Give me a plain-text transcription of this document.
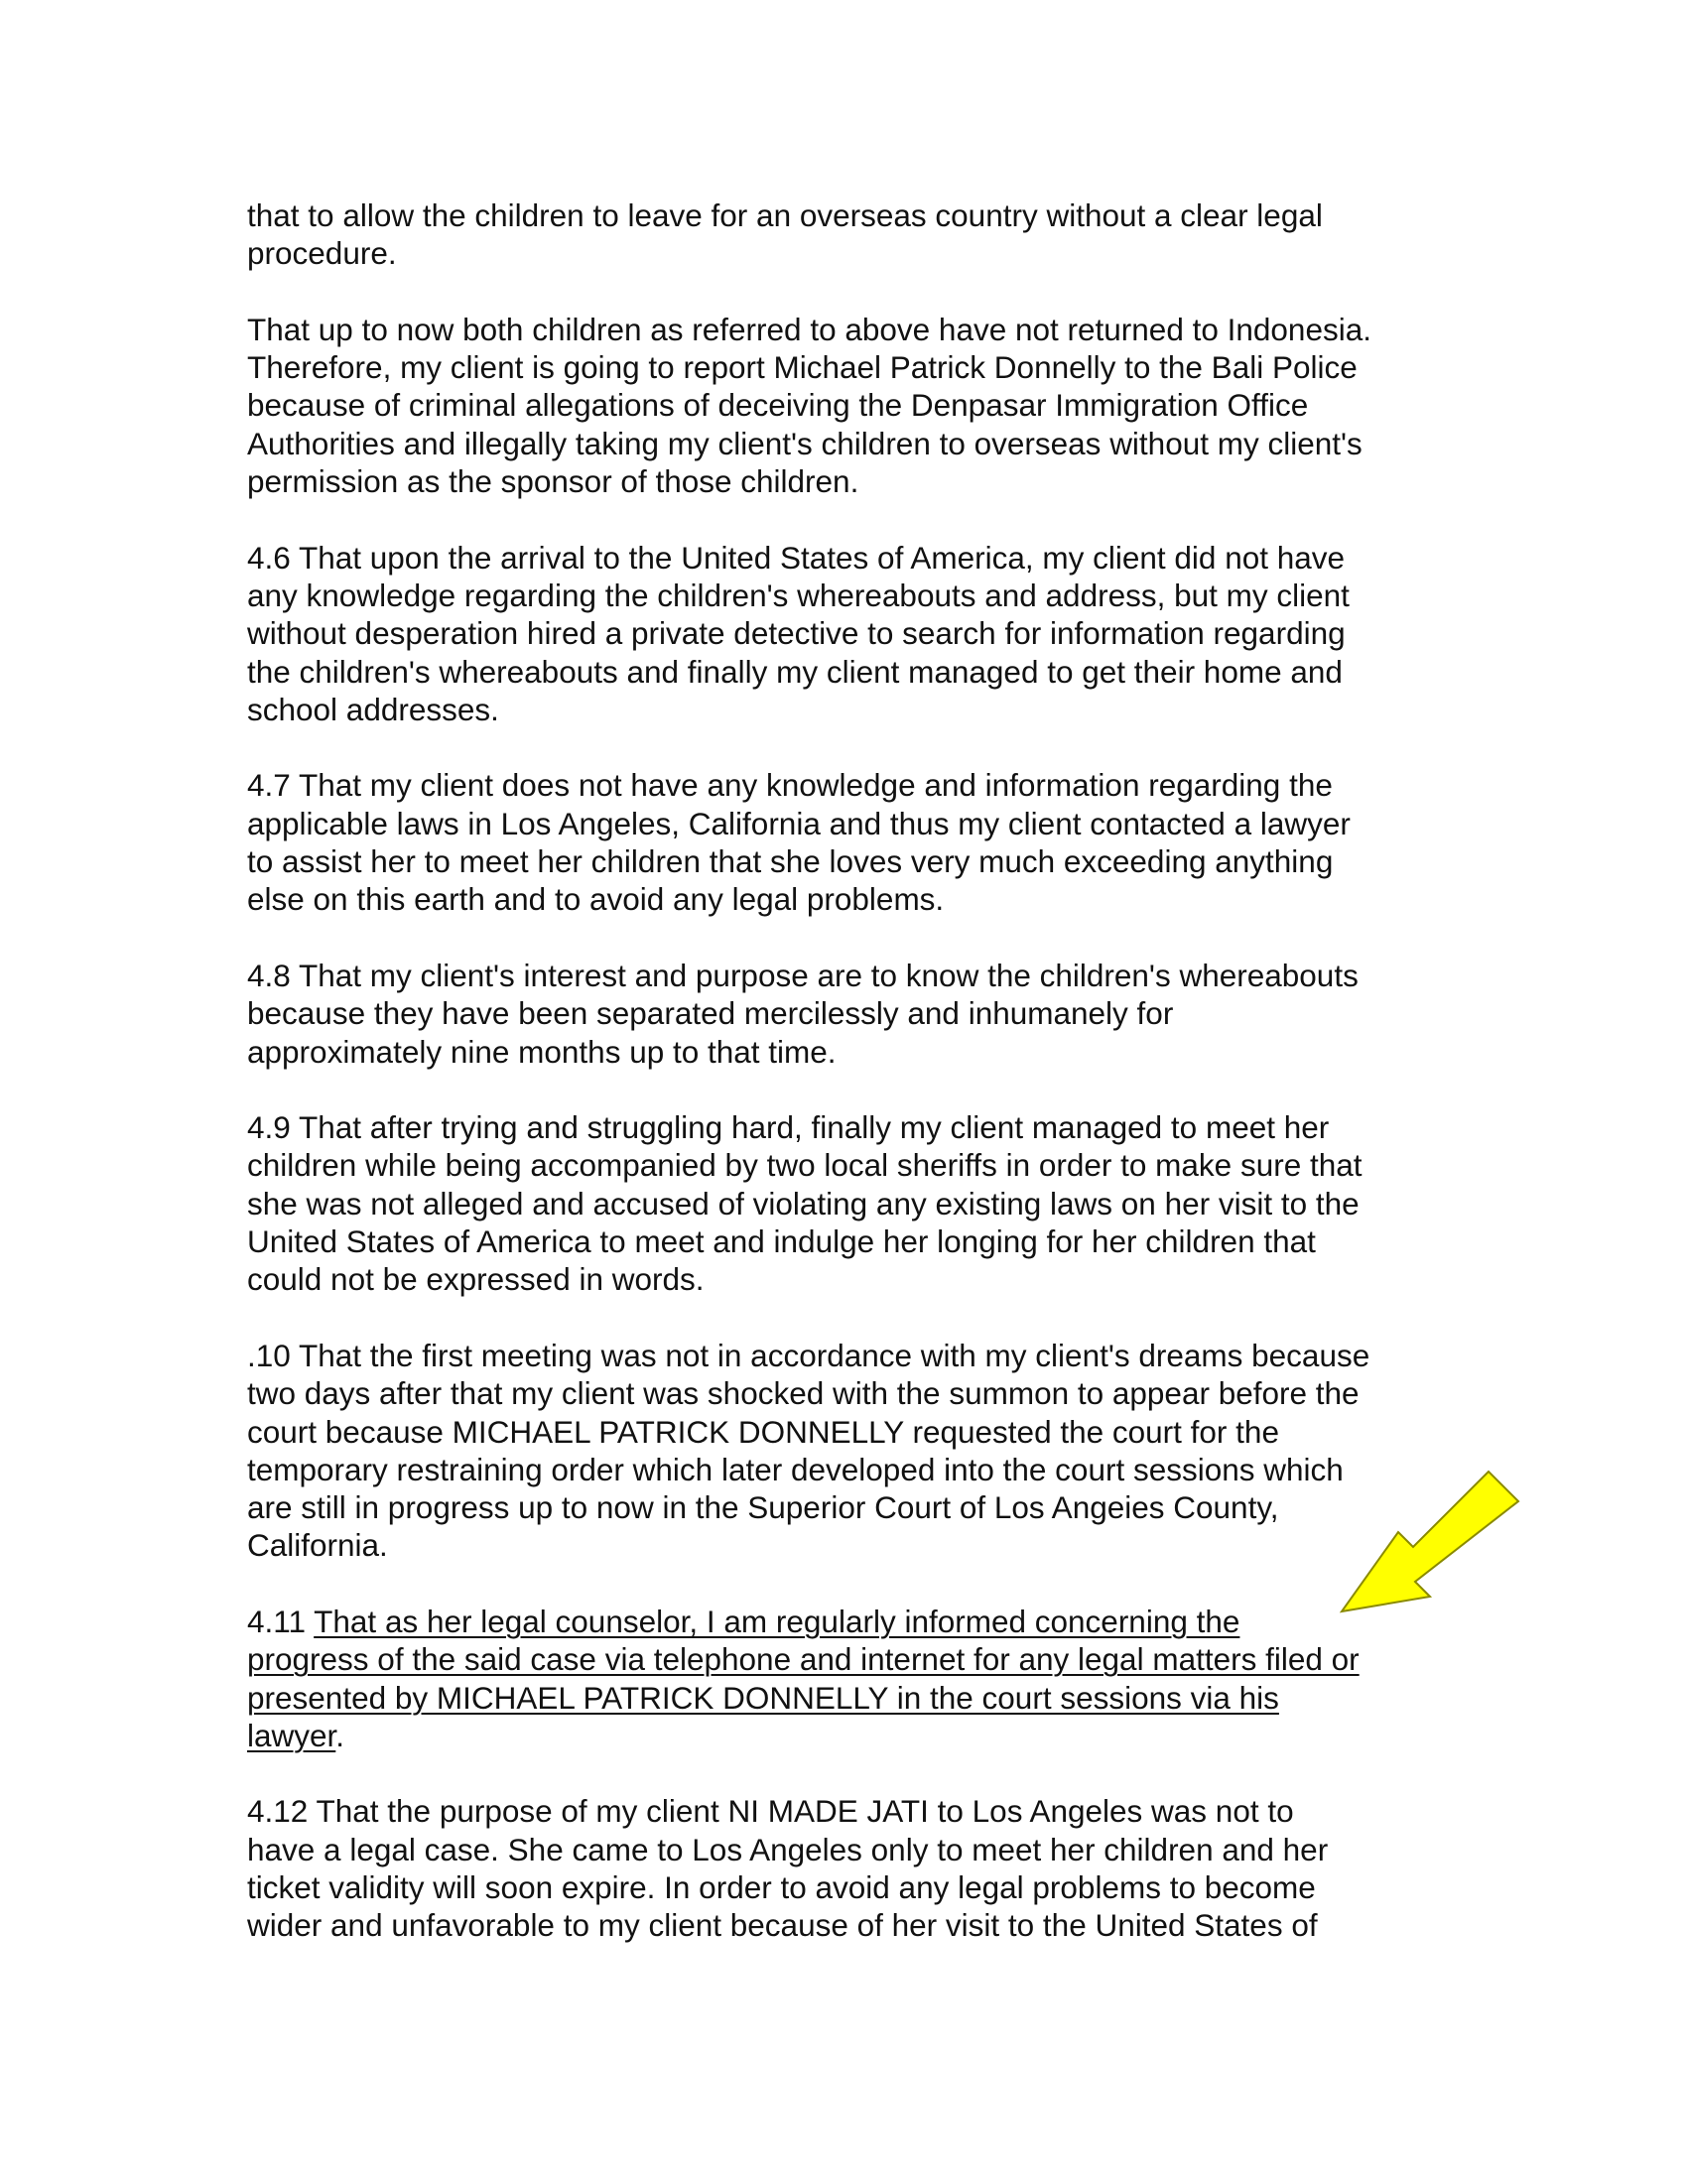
that to allow the children to leave for an overseas country without a clear legal
procedure.

That up to now both children as referred to above have not returned to Indonesia.
Therefore, my client is going to report Michael Patrick Donnelly to the Bali Police
because of criminal allegations of deceiving the Denpasar Immigration Office
Authorities and illegally taking my client's children to overseas without my client's
permission as the sponsor of those children.

4.6 That upon the arrival to the United States of America, my client did not have
any knowledge regarding the children's whereabouts and address, but my client
without desperation hired a private detective to search for information regarding
the children's whereabouts and finally my client managed to get their home and
school addresses.

4.7 That my client does not have any knowledge and information regarding the
applicable laws in Los Angeles, California and thus my client contacted a lawyer
to assist her to meet her children that she loves very much exceeding anything
else on this earth and to avoid any legal problems.

4.8 That my client's interest and purpose are to know the children's whereabouts
because they have been separated mercilessly and inhumanely for
approximately nine months up to that time.

4.9 That after trying and struggling hard, finally my client managed to meet her
children while being accompanied by two local sheriffs in order to make sure that
she was not alleged and accused of violating any existing laws on her visit to the
United States of America to meet and indulge her longing for her children that
could not be expressed in words.

.10 That the first meeting was not in accordance with my client's dreams because
two days after that my client was shocked with the summon to appear before the
court because MICHAEL PATRICK DONNELLY requested the court for the
temporary restraining order which later developed into the court sessions which
are still in progress up to now in the Superior Court of Los Angeies County,
California.

4.11 That as her legal counselor, I am regularly informed concerning the
progress of the said case via telephone and internet for any legal matters filed or
presented by MICHAEL PATRICK DONNELLY in the court sessions via his
lawyer.

4.12 That the purpose of my client NI MADE JATI to Los Angeles was not to
have a legal case. She came to Los Angeles only to meet her children and her
ticket validity will soon expire. In order to avoid any legal problems to become
wider and unfavorable to my client because of her visit to the United States of
